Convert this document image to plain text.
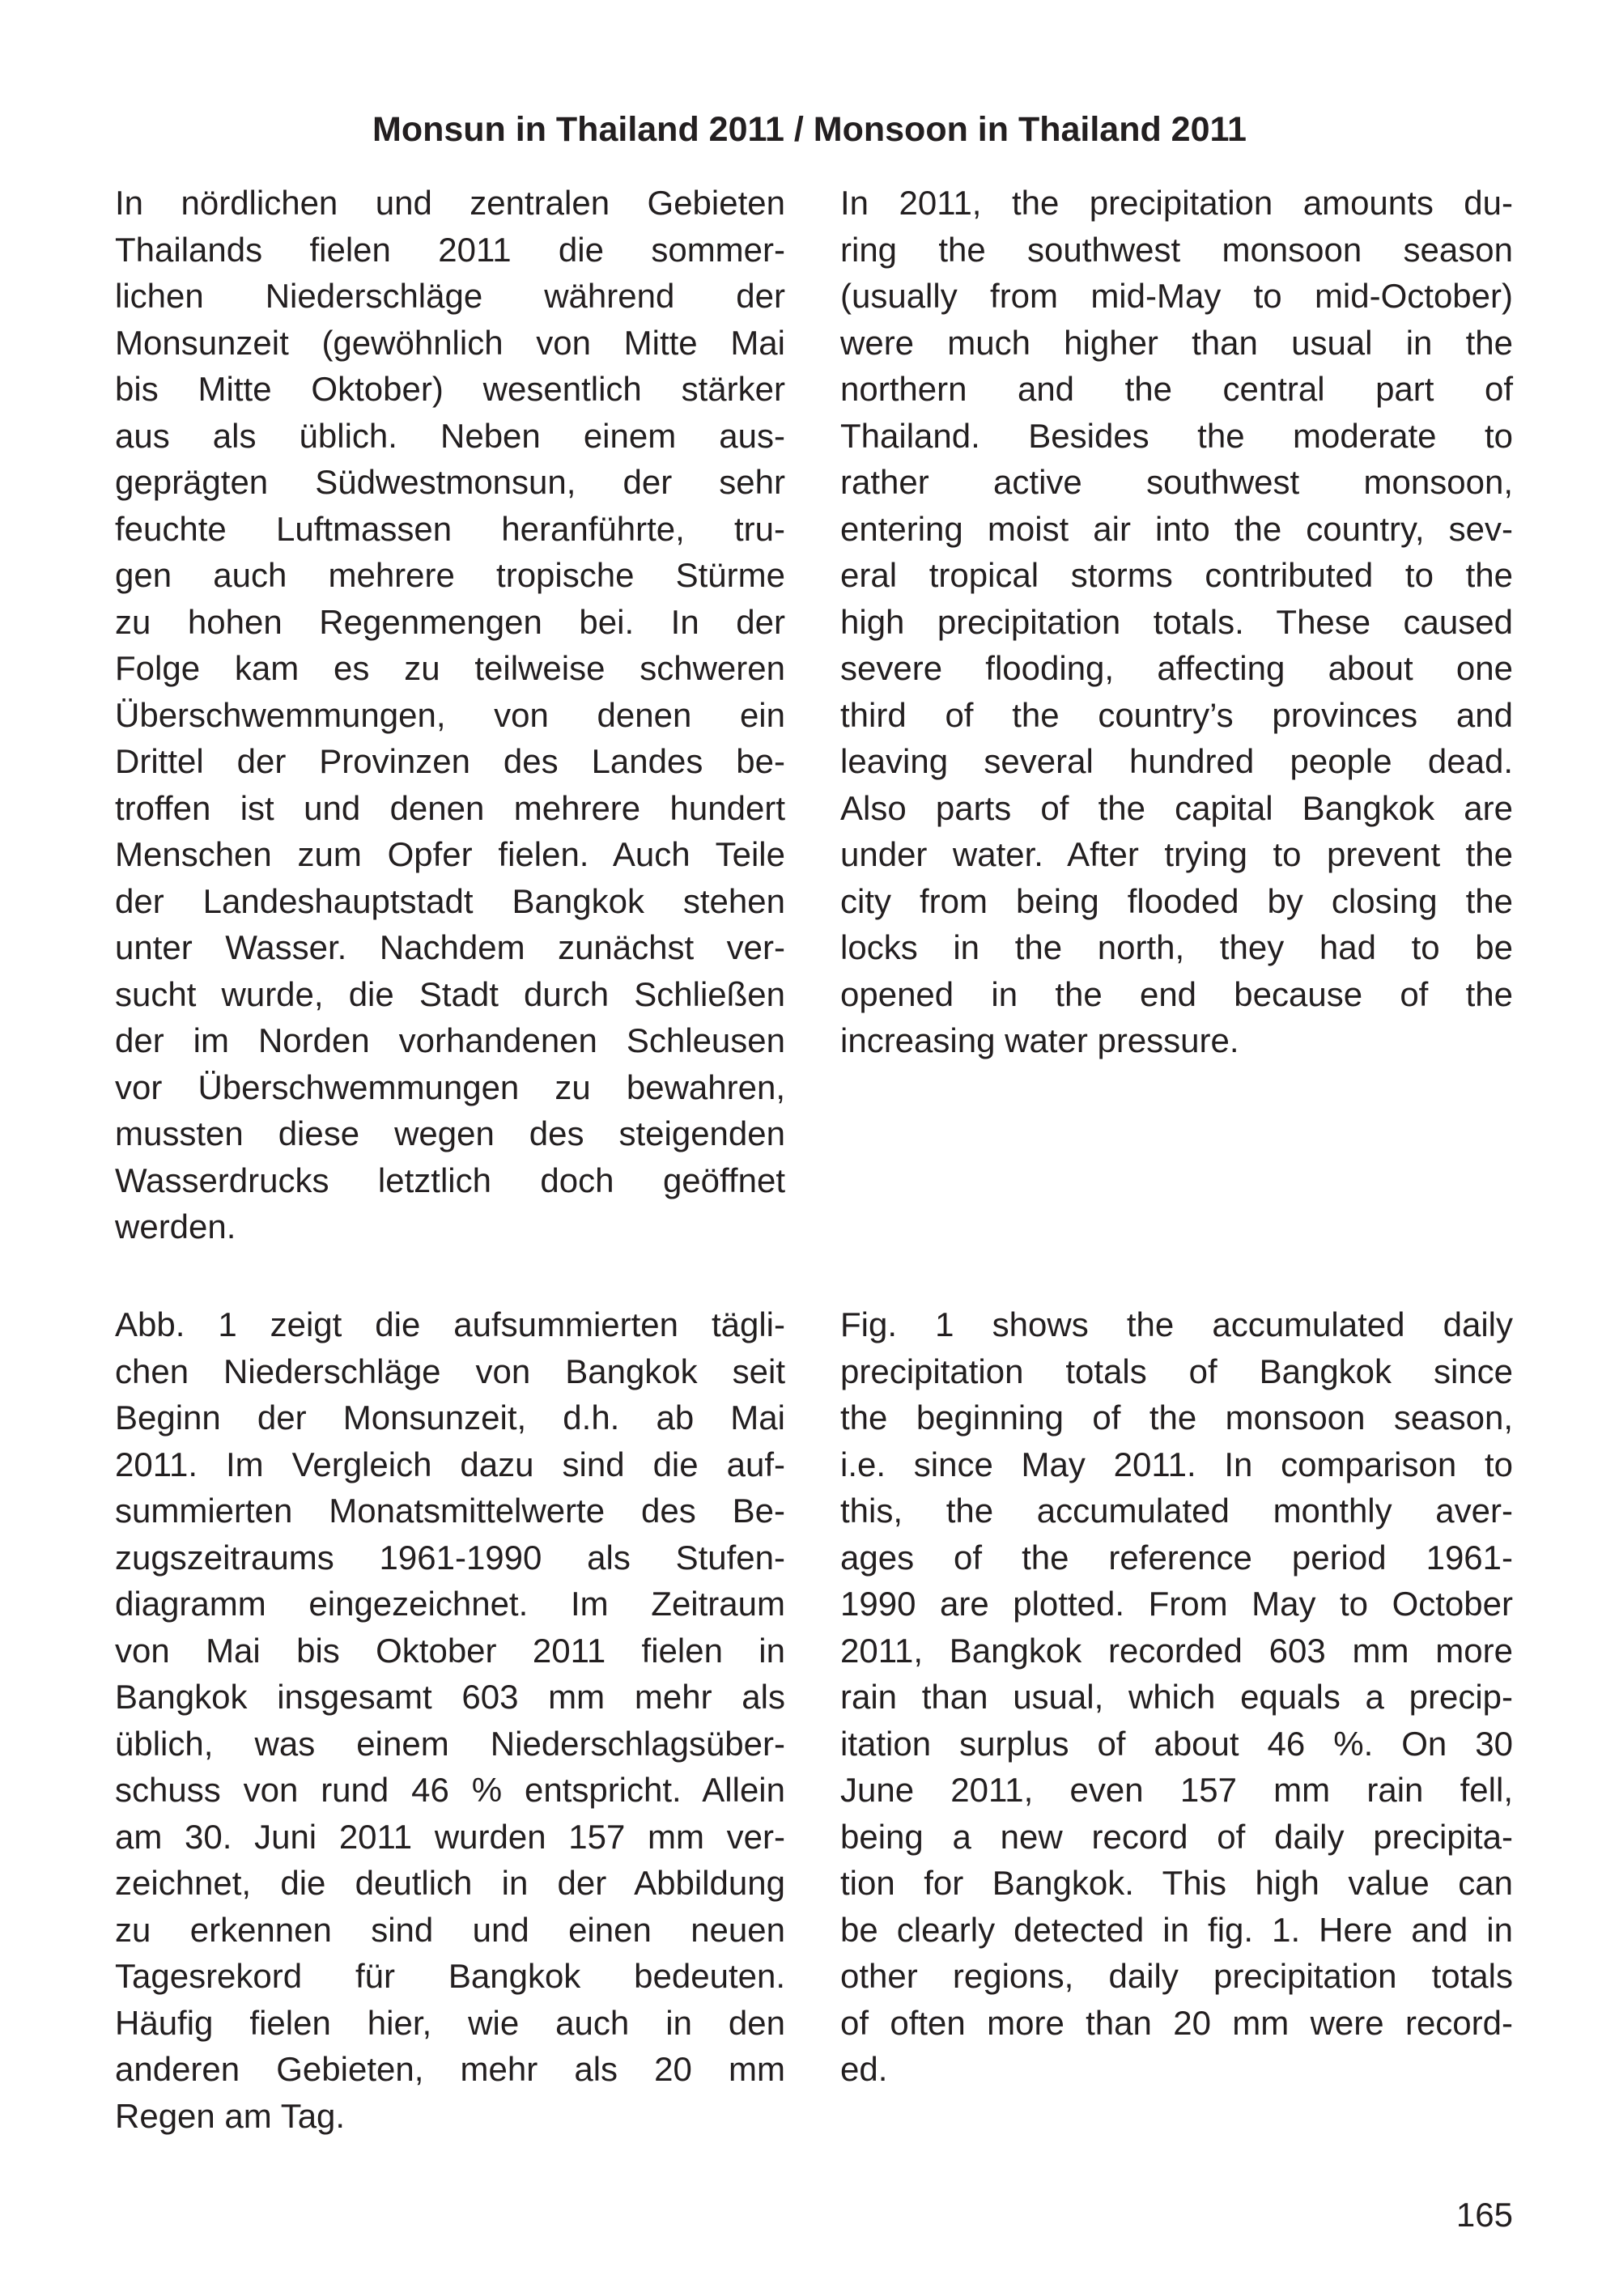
Monsun in Thailand 2011 / Monsoon in Thailand 2011
In nördlichen und zentralen Gebieten
Thailands fielen 2011 die sommer-
lichen Niederschläge während der
Monsunzeit (gewöhnlich von Mitte Mai
bis Mitte Oktober) wesentlich stärker
aus als üblich. Neben einem aus-
geprägten Südwestmonsun, der sehr
feuchte Luftmassen heranführte, tru-
gen auch mehrere tropische Stürme
zu hohen Regenmengen bei. In der
Folge kam es zu teilweise schweren
Überschwemmungen, von denen ein
Drittel der Provinzen des Landes be-
troffen ist und denen mehrere hundert
Menschen zum Opfer fielen. Auch Teile
der Landeshauptstadt Bangkok stehen
unter Wasser. Nachdem zunächst ver-
sucht wurde, die Stadt durch Schließen
der im Norden vorhandenen Schleusen
vor Überschwemmungen zu bewahren,
mussten diese wegen des steigenden
Wasserdrucks letztlich doch geöffnet
werden.
In 2011, the precipitation amounts du-
ring the southwest monsoon season
(usually from mid-May to mid-October)
were much higher than usual in the
northern and the central part of
Thailand. Besides the moderate to
rather active southwest monsoon,
entering moist air into the country, sev-
eral tropical storms contributed to the
high precipitation totals. These caused
severe flooding, affecting about one
third of the country’s provinces and
leaving several hundred people dead.
Also parts of the capital Bangkok are
under water. After trying to prevent the
city from being flooded by closing the
locks in the north, they had to be
opened in the end because of the
increasing water pressure.
Abb. 1 zeigt die aufsummierten tägli-
chen Niederschläge von Bangkok seit
Beginn der Monsunzeit, d.h. ab Mai
2011. Im Vergleich dazu sind die auf-
summierten Monatsmittelwerte des Be-
zugszeitraums 1961-1990 als Stufen-
diagramm eingezeichnet. Im Zeitraum
von Mai bis Oktober 2011 fielen in
Bangkok insgesamt 603 mm mehr als
üblich, was einem Niederschlagsüber-
schuss von rund 46 % entspricht. Allein
am 30. Juni 2011 wurden 157 mm ver-
zeichnet, die deutlich in der Abbildung
zu erkennen sind und einen neuen
Tagesrekord für Bangkok bedeuten.
Häufig fielen hier, wie auch in den
anderen Gebieten, mehr als 20 mm
Regen am Tag.
Fig. 1 shows the accumulated daily
precipitation totals of Bangkok since
the beginning of the monsoon season,
i.e. since May 2011. In comparison to
this, the accumulated monthly aver-
ages of the reference period 1961-
1990 are plotted. From May to October
2011, Bangkok recorded 603 mm more
rain than usual, which equals a precip-
itation surplus of about 46 %. On 30
June 2011, even 157 mm rain fell,
being a new record of daily precipita-
tion for Bangkok. This high value can
be clearly detected in fig. 1. Here and in
other regions, daily precipitation totals
of often more than 20 mm were record-
ed.
165
